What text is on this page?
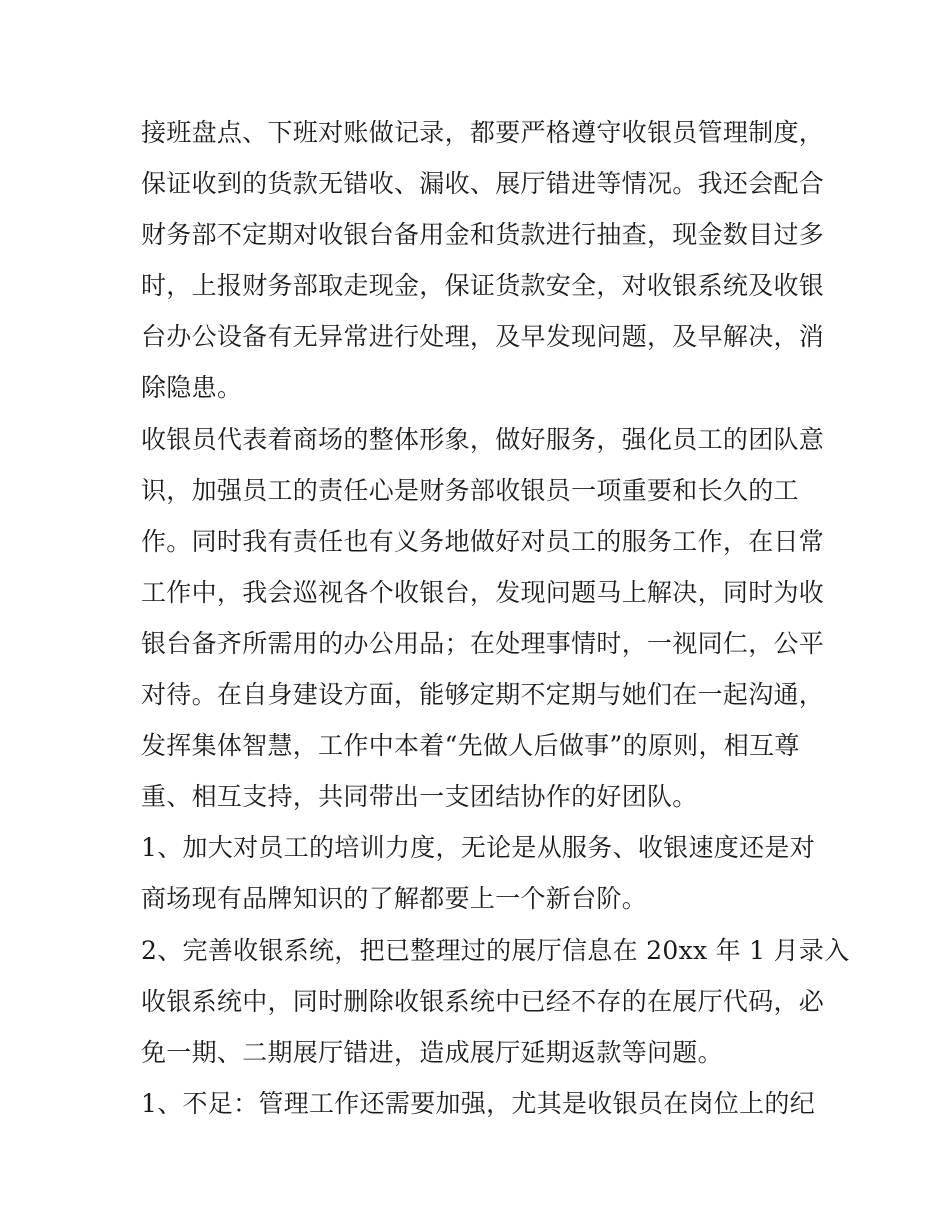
接班盘点、下班对账做记录，都要严格遵守收银员管理制度，
保证收到的货款无错收、漏收、展厅错进等情况。我还会配合
财务部不定期对收银台备用金和货款进行抽查，现金数目过多
时，上报财务部取走现金，保证货款安全，对收银系统及收银
台办公设备有无异常进行处理，及早发现问题，及早解决，消
除隐患。
收银员代表着商场的整体形象，做好服务，强化员工的团队意
识，加强员工的责任心是财务部收银员一项重要和长久的工
作。同时我有责任也有义务地做好对员工的服务工作，在日常
工作中，我会巡视各个收银台，发现问题马上解决，同时为收
银台备齐所需用的办公用品；在处理事情时，一视同仁，公平
对待。在自身建设方面，能够定期不定期与她们在一起沟通，
发挥集体智慧，工作中本着“先做人后做事”的原则，相互尊
重、相互支持，共同带出一支团结协作的好团队。
1、加大对员工的培训力度，无论是从服务、收银速度还是对
商场现有品牌知识的了解都要上一个新台阶。
2、完善收银系统，把已整理过的展厅信息在 20xx 年 1 月录入
收银系统中，同时删除收银系统中已经不存的在展厅代码，必
免一期、二期展厅错进，造成展厅延期返款等问题。
1、不足：管理工作还需要加强，尤其是收银员在岗位上的纪
